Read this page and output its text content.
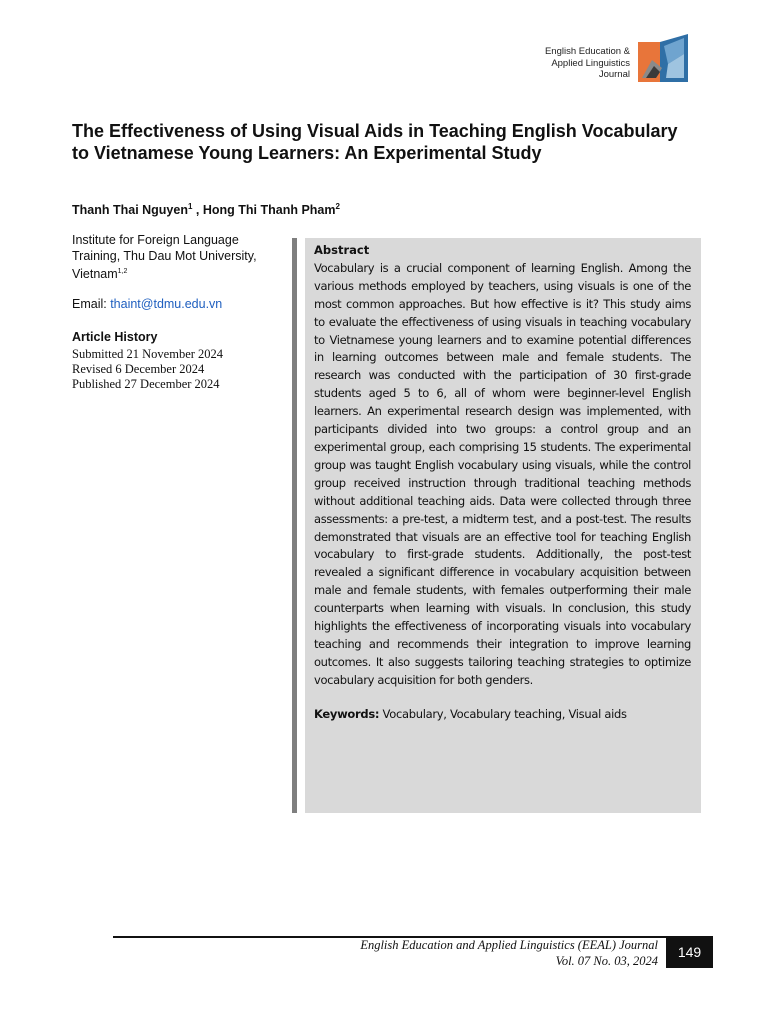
English Education &
Applied Linguistics
Journal
The Effectiveness of Using Visual Aids in Teaching English Vocabulary to Vietnamese Young Learners: An Experimental Study
Thanh Thai Nguyen$^1$ , Hong Thi Thanh Pham$^2$
Institute for Foreign Language Training, Thu Dau Mot University, Vietnam$^{1,2}$
Email: thaint@tdmu.edu.vn
Article History
Submitted 21 November 2024
Revised 6 December 2024
Published 27 December 2024
Abstract
Vocabulary is a crucial component of learning English. Among the various methods employed by teachers, using visuals is one of the most common approaches. But how effective is it? This study aims to evaluate the effectiveness of using visuals in teaching vocabulary to Vietnamese young learners and to examine potential differences in learning outcomes between male and female students. The research was conducted with the participation of 30 first-grade students aged 5 to 6, all of whom were beginner-level English learners. An experimental research design was implemented, with participants divided into two groups: a control group and an experimental group, each comprising 15 students. The experimental group was taught English vocabulary using visuals, while the control group received instruction through traditional teaching methods without additional teaching aids. Data were collected through three assessments: a pre-test, a midterm test, and a post-test. The results demonstrated that visuals are an effective tool for teaching English vocabulary to first-grade students. Additionally, the post-test revealed a significant difference in vocabulary acquisition between male and female students, with females outperforming their male counterparts when learning with visuals. In conclusion, this study highlights the effectiveness of incorporating visuals into vocabulary teaching and recommends their integration to improve learning outcomes. It also suggests tailoring teaching strategies to optimize vocabulary acquisition for both genders.
Keywords: Vocabulary, Vocabulary teaching, Visual aids
English Education and Applied Linguistics (EEAL) Journal
Vol. 07 No. 03, 2024
149
